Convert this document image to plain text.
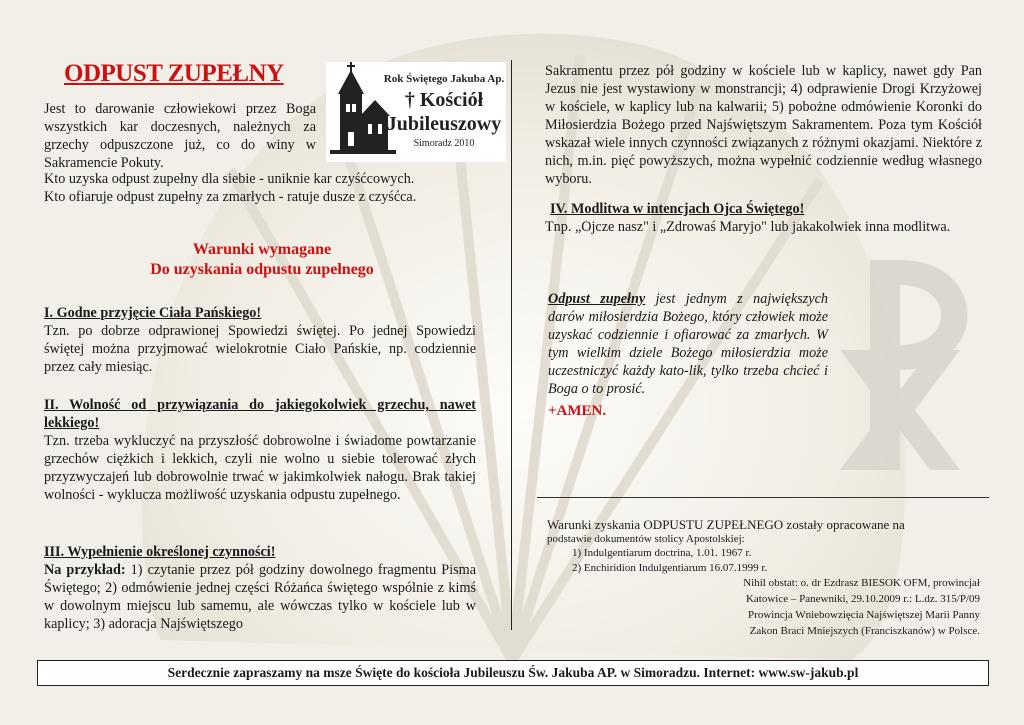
ODPUST ZUPEŁNY
Jest to darowanie człowiekowi przez Boga wszystkich kar doczesnych, należnych za grzechy odpuszczone już, co do winy w Sakramencie Pokuty.
Kto uzyska odpust zupełny dla siebie - uniknie kar czyśćcowych.
Kto ofiaruje odpust zupełny za zmarłych - ratuje dusze z czyśćca.
Rok Świętego Jakuba Ap.
† Kościół
Jubileuszowy
Simoradz 2010
Warunki wymagane
Do uzyskania odpustu zupełnego
I. Godne przyjęcie Ciała Pańskiego!
Tzn. po dobrze odprawionej Spowiedzi świętej. Po jednej Spowiedzi świętej można przyjmować wielokrotnie Ciało Pańskie, np. codziennie przez cały miesiąc.
II. Wolność od przywiązania do jakiegokolwiek grzechu, nawet lekkiego!
Tzn. trzeba wykluczyć na przyszłość dobrowolne i świadome powtarzanie grzechów ciężkich i lekkich, czyli nie wolno u siebie tolerować złych przyzwyczajeń lub dobrowolnie trwać w jakimkolwiek nałogu. Brak takiej wolności - wyklucza możliwość uzyskania odpustu zupełnego.
III. Wypełnienie określonej czynności!
Na przykład: 1) czytanie przez pół godziny dowolnego fragmentu Pisma Świętego; 2) odmówienie jednej części Różańca świętego wspólnie z kimś w dowolnym miejscu lub samemu, ale wówczas tylko w kościele lub w kaplicy; 3) adoracja Najświętszego
Sakramentu przez pół godziny w kościele lub w kaplicy, nawet gdy Pan Jezus nie jest wystawiony w monstrancji; 4) odprawienie Drogi Krzyżowej w kościele, w kaplicy lub na kalwarii; 5) pobożne odmówienie Koronki do Miłosierdzia Bożego przed Najświętszym Sakramentem. Poza tym Kościół wskazał wiele innych czynności związanych z różnymi okazjami. Niektóre z nich, m.in. pięć powyższych, można wypełnić codziennie według własnego wyboru.
IV. Modlitwa w intencjach Ojca Świętego!
Tnp. „Ojcze nasz" i „Zdrowaś Maryjo" lub jakakolwiek inna modlitwa.
Odpust zupełny jest jednym z największych darów miłosierdzia Bożego, który człowiek może uzyskać codziennie i ofiarować za zmarłych. W tym wielkim dziele Bożego miłosierdzia może uczestniczyć każdy kato-lik, tylko trzeba chcieć i Boga o to prosić.
+AMEN.
Warunki zyskania ODPUSTU ZUPEŁNEGO zostały opracowane na
podstawie dokumentów stolicy Apostolskiej:
1) Indulgentiarum doctrina, 1.01. 1967 r.
2) Enchiridion Indulgentiarum 16.07.1999 r.
Nihil obstat: o. dr Ezdrasz BIESOK OFM, prowincjał
Katowice – Panewniki, 29.10.2009 r.: L.dz. 315/P/09
Prowincja Wniebowzięcia Najświętszej Marii Panny
Zakon Braci Mniejszych (Franciszkanów) w Polsce.
Serdecznie zapraszamy na msze Święte do kościoła Jubileuszu Św. Jakuba AP. w Simoradzu. Internet: www.sw-jakub.pl
